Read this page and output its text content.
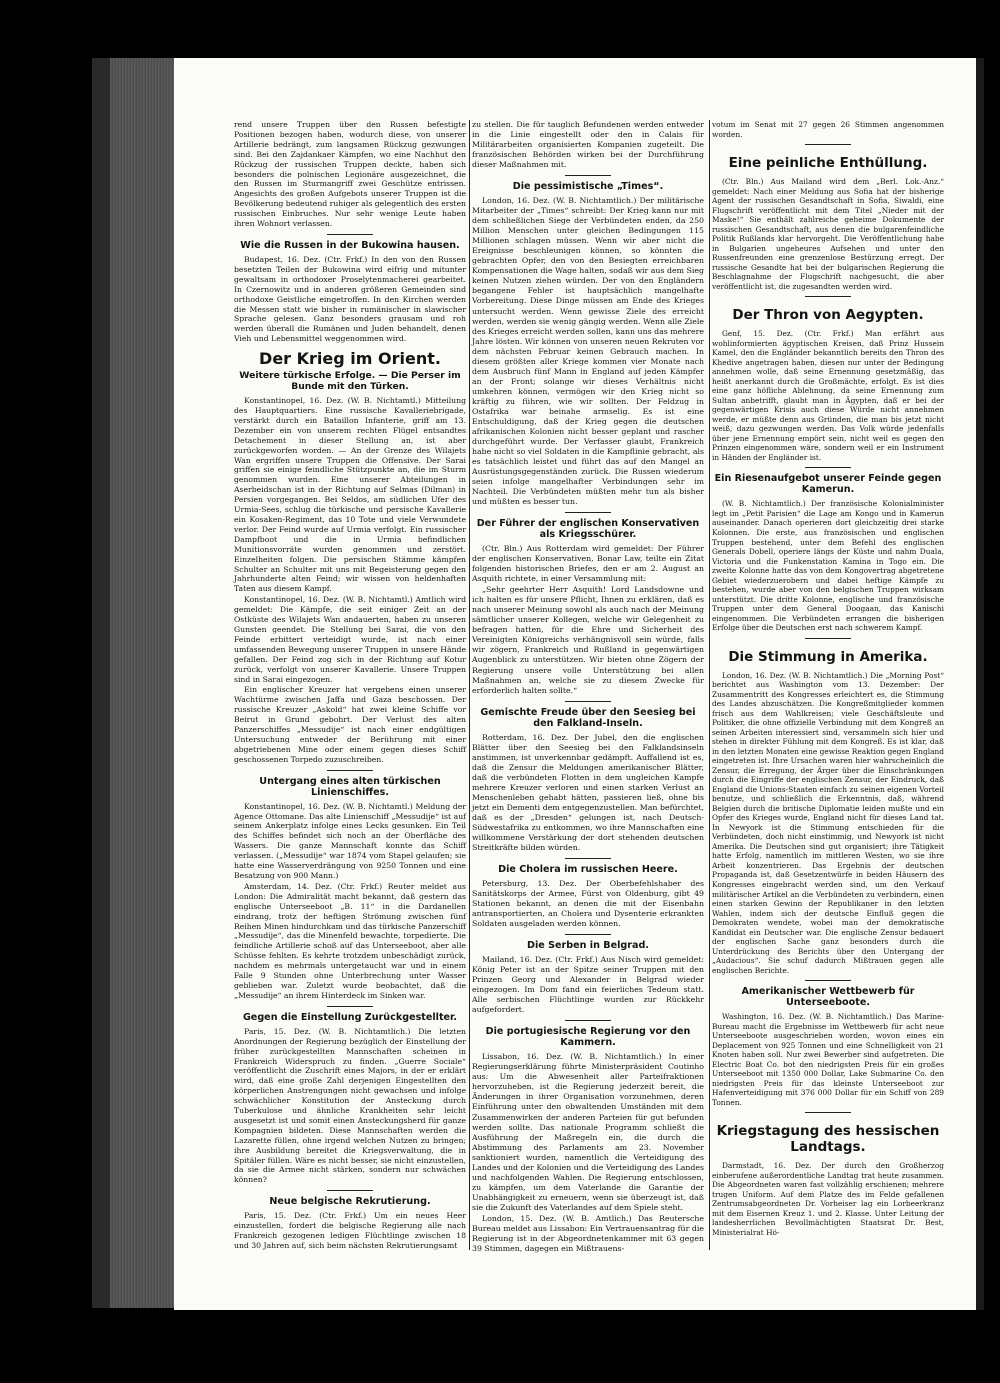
rend unsere Truppen über den Russen befestigte Positionen bezogen haben, wodurch diese, von unserer Artillerie bedrängt, zum langsamen Rückzug gezwungen sind. Bei den Zajdankaer Kämpfen, wo eine Nachhut den Rückzug der russischen Truppen deckte, haben sich besonders die polnischen Legionäre ausgezeichnet, die den Russen im Sturmangriff zwei Geschütze entrissen. Angesichts des großen Aufgebots unserer Truppen ist die Bevölkerung bedeutend ruhiger als gelegentlich des ersten russischen Einbruches. Nur sehr wenige Leute haben ihren Wohnort verlassen.

Wie die Russen in der Bukowina hausen.

Budapest, 16. Dez. (Ctr. Frkf.) In den von den Russen besetzten Teilen der Bukowina wird eifrig und mitunter gewaltsam in orthodoxer Proselytenmacherei gearbeitet. In Czernowitz und in anderen größeren Gemeinden sind orthodoxe Geistliche eingetroffen. In den Kirchen werden die Messen statt wie bisher in rumänischer in slawischer Sprache gelesen. Ganz besonders grausam und roh werden überall die Rumänen und Juden behandelt, denen Vieh und Lebensmittel weggenommen wird.

Der Krieg im Orient.
Weitere türkische Erfolge. — Die Perser im Bunde mit den Türken.

Konstantinopel, 16. Dez. (W. B. Nichtamtl.) Mitteilung des Hauptquartiers. Eine russische Kavalleriebrigade, verstärkt durch ein Bataillon Infanterie, griff am 13. Dezember ein von unserem rechten Flügel entsandtes Detachement in dieser Stellung an, ist aber zurückgeworfen worden. — An der Grenze des Wilajets Wan ergriffen unsere Truppen die Offensive. Der Sarai griffen sie einige feindliche Stützpunkte an, die im Sturm genommen wurden. Eine unserer Abteilungen in Aserbeidschan ist in der Richtung auf Selmas (Dilman) in Persien vorgegangen. Bei Seldos, am südlichen Ufer des Urmia-Sees, schlug die türkische und persische Kavallerie ein Kosaken-Regiment, das 10 Tote und viele Verwundete verlor. Der Feind wurde auf Urmia verfolgt. Ein russischer Dampfboot und die in Urmia befindlichen Munitionsvorräte wurden genommen und zerstört. Einzelheiten folgen. Die persischen Stämme kämpfen Schulter an Schulter mit uns mit Begeisterung gegen den Jahrhunderte alten Feind; wir wissen von heldenhaften Taten aus diesem Kampf.

Konstantinopel, 16. Dez. (W. B. Nichtamtl.) Amtlich wird gemeldet: Die Kämpfe, die seit einiger Zeit an der Ostküste des Wilajets Wan andauerten, haben zu unseren Gunsten geendet. Die Stellung bei Sarai, die von den Feinde erbittert verteidigt wurde, ist nach einer umfassenden Bewegung unserer Truppen in unsere Hände gefallen. Der Feind zog sich in der Richtung auf Kotur zurück, verfolgt von unserer Kavallerie. Unsere Truppen sind in Sarai eingezogen.

Ein englischer Kreuzer hat vergebens einen unserer Wachtürme zwischen Jaffa und Gaza beschossen. Der russische Kreuzer „Askold“ hat zwei kleine Schiffe vor Beirut in Grund gebohrt. Der Verlust des alten Panzerschiffes „Messudije“ ist nach einer endgültigen Untersuchung entweder der Berührung mit einer abgetriebenen Mine oder einem gegen dieses Schiff geschossenen Torpedo zuzuschreiben.

Untergang eines alten türkischen Linienschiffes.

Konstantinopel, 16. Dez. (W. B. Nichtamtl.) Meldung der Agence Ottomane. Das alte Linienschiff „Messudije“ ist auf seinem Ankerplatz infolge eines Lecks gesunken. Ein Teil des Schiffes befindet sich noch an der Oberfläche des Wassers. Die ganze Mannschaft konnte das Schiff verlassen. („Messudije“ war 1874 vom Stapel gelaufen; sie hatte eine Wasserverdrängung von 9250 Tonnen und eine Besatzung von 900 Mann.)

Amsterdam, 14. Dez. (Ctr. Frkf.) Reuter meldet aus London: Die Admiralität macht bekannt, daß gestern das englische Unterseeboot „B. 11“ in die Dardanellen eindrang, trotz der heftigen Strömung zwischen fünf Reihen Minen hindurchkam und das türkische Panzerschiff „Messudije“, das die Minenfeld bewachte, torpedierte. Die feindliche Artillerie schoß auf das Unterseeboot, aber alle Schüsse fehlten. Es kehrte trotzdem unbeschädigt zurück, nachdem es mehrmals untergetaucht war und in einem Falle 9 Stunden ohne Unterbrechung unter Wasser geblieben war. Zuletzt wurde beobachtet, daß die „Messudije“ an ihrem Hinterdeck im Sinken war.

Gegen die Einstellung Zurückgestellter.

Paris, 15. Dez. (W. B. Nichtamtlich.) Die letzten Anordnungen der Regierung bezüglich der Einstellung der früher zurückgestellten Mannschaften scheinen in Frankreich Widerspruch zu finden. „Guerre Sociale“ veröffentlicht die Zuschrift eines Majors, in der er erklärt wird, daß eine große Zahl derjenigen Eingestellten den körperlichen Anstrengungen nicht gewachsen und infolge schwächlicher Konstitution der Ansteckung durch Tuberkulose und ähnliche Krankheiten sehr leicht ausgesetzt ist und somit einen Ansteckungsherd für ganze Kompagnien bildeten. Diese Mannschaften werden die Lazarette füllen, ohne irgend welchen Nutzen zu bringen; ihre Ausbildung bereitet die Kriegsverwaltung, die in Spitäler füllen. Wäre es nicht besser, sie nicht einzustellen, da sie die Armee nicht stärken, sondern nur schwächen können?

Neue belgische Rekrutierung.

Paris, 15. Dez. (Ctr. Frkf.) Um ein neues Heer einzustellen, fordert die belgische Regierung alle nach Frankreich gezogenen ledigen Flüchtlinge zwischen 18 und 30 Jahren auf, sich beim nächsten Rekrutierungsamt

zu stellen. Die für tauglich Befundenen werden entweder in die Linie eingestellt oder den in Calais für Militärarbeiten organisierten Kompanien zugeteilt. Die französischen Behörden wirken bei der Durchführung dieser Maßnahmen mit.

Die pessimistische „Times“.

London, 16. Dez. (W. B. Nichtamtlich.) Der militärische Mitarbeiter der „Times“ schreibt: Der Krieg kann nur mit dem schließlichen Siege der Verbündeten enden, da 250 Million Menschen unter gleichen Bedingungen 115 Millionen schlagen müssen. Wenn wir aber nicht die Ereignisse beschleunigen können, so könnten die gebrachten Opfer, den von den Besiegten erreichbaren Kompensationen die Wage halten, sodaß wir aus dem Sieg keinen Nutzen ziehen würden. Der von den Engländern begangene Fehler ist hauptsächlich mangelhafte Vorbereitung. Diese Dinge müssen am Ende des Krieges untersucht werden. Wenn gewisse Ziele des erreicht werden, werden sie wenig gängig werden. Wenn alle Ziele des Krieges erreicht werden sollen, kann uns das mehrere Jahre lösten. Wir können von unseren neuen Rekruten vor dem nächsten Februar keinen Gebrauch machen. In diesem größten aller Kriege kommen vier Monate nach dem Ausbruch fünf Mann in England auf jeden Kämpfer an der Front; solange wir dieses Verhältnis nicht umkehren können, vermögen wir den Krieg nicht so kräftig zu führen, wie wir sollten. Der Feldzug in Ostafrika war beinahe armselig. Es ist eine Entschuldigung, daß der Krieg gegen die deutschen afrikanischen Kolonien nicht besser geplant und rascher durchgeführt wurde. Der Verfasser glaubt, Frankreich habe nicht so viel Soldaten in die Kampflinie gebracht, als es tatsächlich leistet und führt das auf den Mangel an Ausrüstungsgegenständen zurück. Die Russen wiederum seien infolge mangelhafter Verbindungen sehr im Nachteil. Die Verbündeten müßten mehr tun als bisher und müßten es besser tun.

Der Führer der englischen Konservativen als Kriegsschürer.

(Ctr. Bln.) Aus Rotterdam wird gemeldet: Der Führer der englischen Konservativen, Bonar Law, teilte ein Zitat folgenden historischen Briefes, den er am 2. August an Asquith richtete, in einer Versammlung mit:

„Sehr geehrter Herr Asquith! Lord Landsdowne und ich halten es für unsere Pflicht, Ihnen zu erklären, daß es nach unserer Meinung sowohl als auch nach der Meinung sämtlicher unserer Kollegen, welche wir Gelegenheit zu befragen hatten, für die Ehre und Sicherheit des Vereinigten Königreichs verhängnisvoll sein würde, falls wir zögern, Frankreich und Rußland in gegenwärtigen Augenblick zu unterstützen. Wir bieten ohne Zögern der Regierung unsere volle Unterstützung bei allen Maßnahmen an, welche sie zu diesem Zwecke für erforderlich halten sollte.“

Gemischte Freude über den Seesieg bei den Falkland-Inseln.

Rotterdam, 16. Dez. Der Jubel, den die englischen Blätter über den Seesieg bei den Falklandsinseln anstimmen, ist unverkennbar gedämpft. Auffallend ist es, daß die Zensur die Meldungen amerikanischer Blätter, daß die verbündeten Flotten in dem ungleichen Kampfe mehrere Kreuzer verloren und einen starken Verlust an Menschenleben gehabt hätten, passieren ließ, ohne bis jetzt ein Dementi dem entgegenzustellen. Man befürchtet, daß es der „Dresden“ gelungen ist, nach Deutsch-Südwestafrika zu entkommen, wo ihre Mannschaften eine willkommene Verstärkung der dort stehenden deutschen Streitkräfte bilden würden.

Die Cholera im russischen Heere.

Petersburg, 13. Dez. Der Oberbefehlshaber des Sanitätskorps der Armee, Fürst von Oldenburg, gibt 49 Stationen bekannt, an denen die mit der Eisenbahn antransportierten, an Cholera und Dysenterie erkrankten Soldaten ausgeladen werden können.

Die Serben in Belgrad.

Mailand, 16. Dez. (Ctr. Frkf.) Aus Nisch wird gemeldet: König Peter ist an der Spitze seiner Truppen mit den Prinzen Georg und Alexander in Belgrad wieder eingezogen. Im Dom fand ein feierliches Tedeum statt. Alle serbischen Flüchtlinge wurden zur Rückkehr aufgefordert.

Die portugiesische Regierung vor den Kammern.

Lissabon, 16. Dez. (W. B. Nichtamtlich.) In einer Regierungserklärung führte Ministerpräsident Coutinho aus: Um die Abwesenheit aller Parteifraktionen hervorzuheben, ist die Regierung jederzeit bereit, die Änderungen in ihrer Organisation vorzunehmen, deren Einführung unter den obwaltenden Umständen mit dem Zusammenwirken der anderen Parteien für gut befunden werden sollte. Das nationale Programm schließt die Ausführung der Maßregeln ein, die durch die Abstimmung des Parlaments am 23. November sanktioniert wurden, namentlich die Verteidigung des Landes und der Kolonien und die Verteidigung des Landes und nachfolgenden Wahlen. Die Regierung entschlossen, zu kämpfen, um dem Vaterlande die Garantie der Unabhängigkeit zu erneuern, wenn sie überzeugt ist, daß sie die Zukunft des Vaterlandes auf dem Spiele steht.

London, 15. Dez. (W. B. Amtlich.) Das Reutersche Bureau meldet aus Lissabon: Ein Vertrauensantrag für die Regierung ist in der Abgeordnetenkammer mit 63 gegen 39 Stimmen, dagegen ein Mißtrauens-

votum im Senat mit 27 gegen 26 Stimmen angenommen worden.

Eine peinliche Enthüllung.

(Ctr. Bln.) Aus Mailand wird dem „Berl. Lok.-Anz.“ gemeldet: Nach einer Meldung aus Sofia hat der bisherige Agent der russischen Gesandtschaft in Sofia, Siwaldi, eine Flugschrift veröffentlicht mit dem Titel „Nieder mit der Maske!“ Sie enthält zahlreiche geheime Dokumente der russischen Gesandtschaft, aus denen die bulgarenfeindliche Politik Rußlands klar hervorgeht. Die Veröffentlichung habe in Bulgarien ungeheures Aufsehen und unter den Russenfreunden eine grenzenlose Bestürzung erregt. Der russische Gesandte hat bei der bulgarischen Regierung die Beschlagnahme der Flugschrift nachgesucht, die aber veröffentlicht ist, die zugesandten werden wird.

Der Thron von Aegypten.

Genf, 15. Dez. (Ctr. Frkf.) Man erfährt aus wohlinformierten ägyptischen Kreisen, daß Prinz Hussein Kamel, den die Engländer bekanntlich bereits den Thron des Khedive angetragen haben, diesen nur unter der Bedingung annehmen wolle, daß seine Ernennung gesetzmäßig, das heißt anerkannt durch die Großmächte, erfolgt. Es ist dies eine ganz höfliche Ablehnung, da seine Ernennung zum Sultan anbetrifft, glaubt man in Ägypten, daß er bei der gegenwärtigen Krisis auch diese Würde nicht annehmen werde, er müßte denn aus Gründen, die man bis jetzt nicht weiß, dazu gezwungen werden. Das Volk würde jedenfalls über jene Ernennung empört sein, nicht weil es gegen den Prinzen eingenommen wäre, sondern weil er ein Instrument in Händen der Engländer ist.

Ein Riesenaufgebot unserer Feinde gegen Kamerun.

(W. B. Nichtamtlich.) Der französische Kolonialminister legt im „Petit Parisien“ die Lage am Kongo und in Kamerun auseinander. Danach operieren dort gleichzeitig drei starke Kolonnen. Die erste, aus französischen und englischen Truppen bestehend, unter dem Befehl des englischen Generals Dobell, operiere längs der Küste und nahm Duala, Victoria und die Funkenstation Kamina in Togo ein. Die zweite Kolonne hatte das von dem Kongovertrag abgetretene Gebiet wiederzuerobern und dabei heftige Kämpfe zu bestehen, wurde aber von den belgischen Truppen wirksam unterstützt. Die dritte Kolonne, englische und französische Truppen unter dem General Doogaan, das Kanischi eingenommen. Die Verbündeten errangen die bisherigen Erfolge über die Deutschen erst nach schwerem Kampf.

Die Stimmung in Amerika.

London, 16. Dez. (W. B. Nichtamtlich.) Die „Morning Post“ berichtet aus Washington vom 13. Dezember: Der Zusammentritt des Kongresses erleichtert es, die Stimmung des Landes abzuschätzen. Die Kongreßmitglieder kommen frisch aus dem Wahlkreisen; viele Geschäftsleute und Politiker, die ohne offizielle Verbindung mit dem Kongreß an seinen Arbeiten interessiert sind, versammeln sich hier und stehen in direkter Fühlung mit dem Kongreß. Es ist klar, daß in den letzten Monaten eine gewisse Reaktion gegen England eingetreten ist. Ihre Ursachen waren hier wahrscheinlich die Zensur, die Erregung, der Ärger über die Einschränkungen durch die Eingriffe der englischen Zensur, der Eindruck, daß England die Unions-Staaten einfach zu seinen eigenen Vorteil benutze, und schließlich die Erkenntnis, daß, während Belgien durch die britische Diplomatie leiden mußte und ein Opfer des Krieges wurde, England nicht für dieses Land tat. In Newyork ist die Stimmung entschieden für die Verbündeten, doch nicht einstimmig, und Newyork ist nicht Amerika. Die Deutschen sind gut organisiert; ihre Tätigkeit hatte Erfolg, namentlich im mittleren Westen, wo sie ihre Arbeit konzentrieren. Das Ergebnis der deutschen Propaganda ist, daß Gesetzentwürfe in beiden Häusern des Kongresses eingebracht werden sind, um den Verkauf militärischer Artikel an die Verbündeten zu verbindern, einen einen starken Gewinn der Republikaner in den letzten Wahlen, indem sich der deutsche Einfluß gegen die Demokraten wendete, wobei man der demokratische Kandidat ein Deutscher war. Die englische Zensur bedauert der englischen Sache ganz besonders durch die Unterdrückung des Berichts über den Untergang der „Audacious“. Sie schuf dadurch Mißtrauen gegen alle englischen Berichte.

Amerikanischer Wettbewerb für Unterseeboote.

Washington, 16. Dez. (W. B. Nichtamtlich.) Das Marine-Bureau macht die Ergebnisse im Wettbewerb für acht neue Unterseeboote ausgeschrieben worden, wovon eines ein Deplacement von 925 Tonnen und eine Schnelligkeit von 21 Knoten haben soll. Nur zwei Bewerber sind aufgetreten. Die Electric Boat Co. bot den niedrigsten Preis für ein großes Unterseeboot mit 1350 000 Dollar, Lake Submarine Co. den niedrigsten Preis für das kleinste Unterseeboot zur Hafenverteidigung mit 376 000 Dollar für ein Schiff von 289 Tonnen.

Kriegstagung des hessischen Landtags.

Darmstadt, 16. Dez. Der durch den Großherzog einberufene außerordentliche Landtag trat heute zusammen. Die Abgeordneten waren fast vollzählig erschienen; mehrere trugen Uniform. Auf dem Platze des im Felde gefallenen Zentrumsabgeordneten Dr. Vorheiser lag ein Lorbeerkranz mit dem Eisernen Kreuz 1. und 2. Klasse. Unter Leitung der landesherrlichen Bevollmächtigten Staatsrat Dr. Best, Ministerialrat Hö-
